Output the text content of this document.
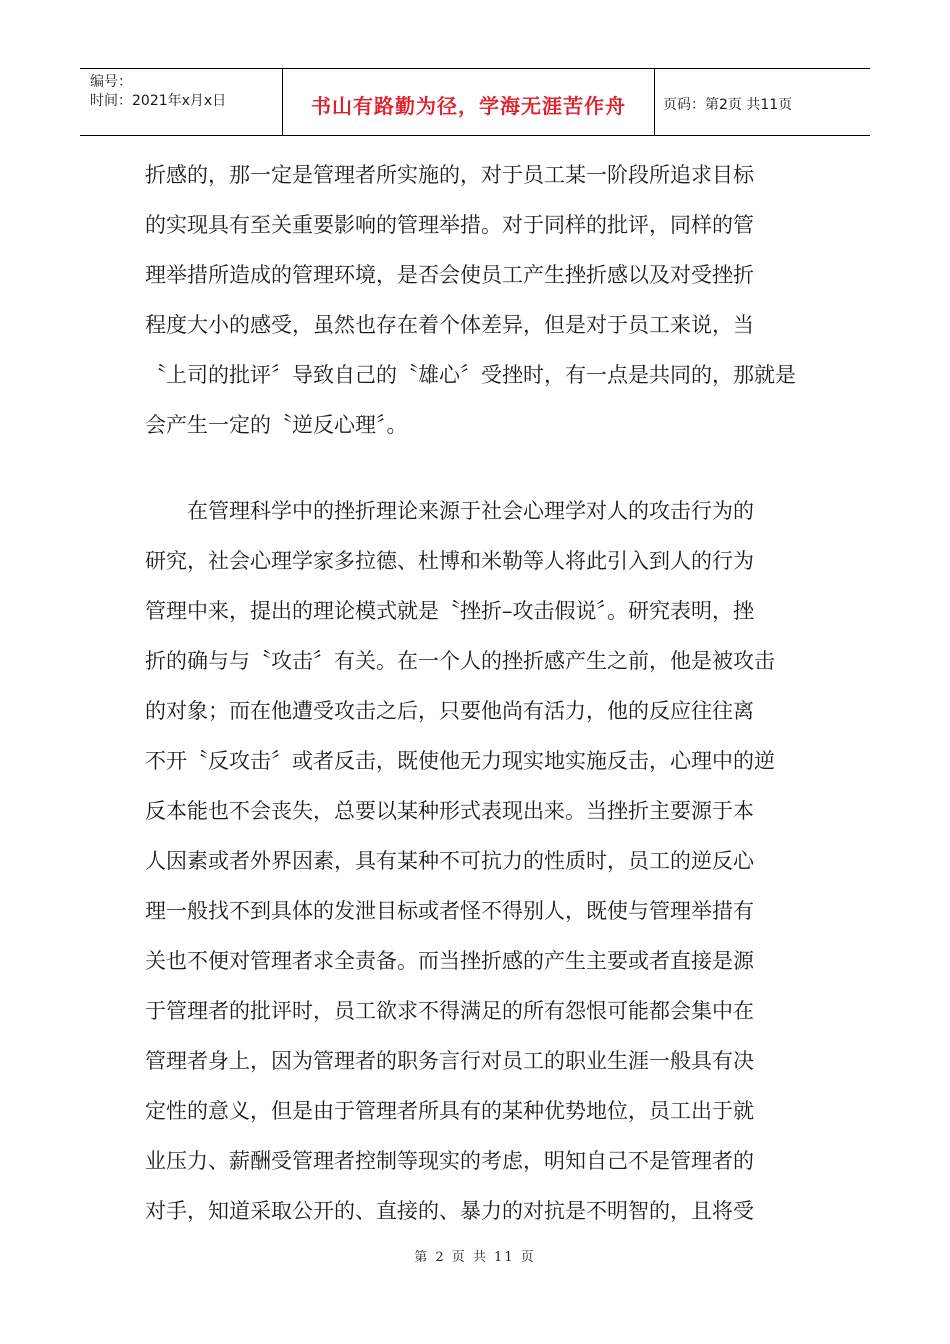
编号：
时间：2021年x月x日	书山有路勤为径，学海无涯苦作舟	页码：第2页 共11页
折感的，那一定是管理者所实施的，对于员工某一阶段所追求目标
的实现具有至关重要影响的管理举措。对于同样的批评，同样的管
理举措所造成的管理环境，是否会使员工产生挫折感以及对受挫折
程度大小的感受，虽然也存在着个体差异，但是对于员工来说，当
〝上司的批评〞导致自己的〝雄心〞受挫时，有一点是共同的，那就是
会产生一定的〝逆反心理〞。
　　在管理科学中的挫折理论来源于社会心理学对人的攻击行为的
研究，社会心理学家多拉德、杜博和米勒等人将此引入到人的行为
管理中来，提出的理论模式就是〝挫折–攻击假说〞。研究表明，挫
折的确与与〝攻击〞有关。在一个人的挫折感产生之前，他是被攻击
的对象；而在他遭受攻击之后，只要他尚有活力，他的反应往往离
不开〝反攻击〞或者反击，既使他无力现实地实施反击，心理中的逆
反本能也不会丧失，总要以某种形式表现出来。当挫折主要源于本
人因素或者外界因素，具有某种不可抗力的性质时，员工的逆反心
理一般找不到具体的发泄目标或者怪不得别人，既使与管理举措有
关也不便对管理者求全责备。而当挫折感的产生主要或者直接是源
于管理者的批评时，员工欲求不得满足的所有怨恨可能都会集中在
管理者身上，因为管理者的职务言行对员工的职业生涯一般具有决
定性的意义，但是由于管理者所具有的某种优势地位，员工出于就
业压力、薪酬受管理者控制等现实的考虑，明知自己不是管理者的
对手，知道采取公开的、直接的、暴力的对抗是不明智的，且将受
第 2 页 共 11 页
